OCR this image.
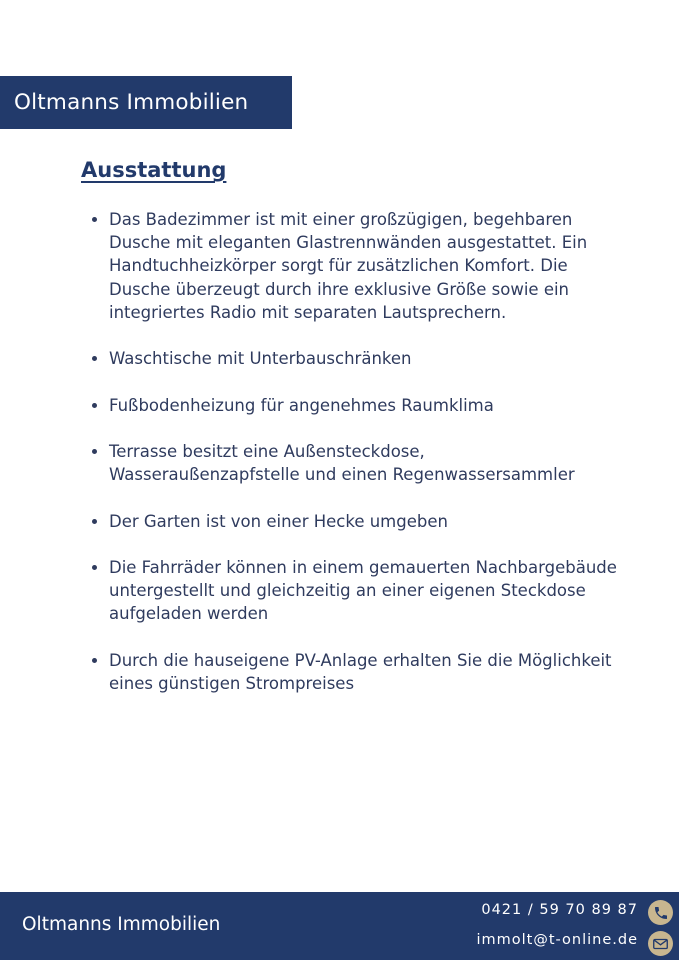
Oltmanns Immobilien
Ausstattung
• Das Badezimmer ist mit einer großzügigen, begehbaren Dusche mit eleganten Glastrennwänden ausgestattet. Ein Handtuchheizkörper sorgt für zusätzlichen Komfort. Die Dusche überzeugt durch ihre exklusive Größe sowie ein integriertes Radio mit separaten Lautsprechern.
• Waschtische mit Unterbauschränken
• Fußbodenheizung für angenehmes Raumklima
• Terrasse besitzt eine Außensteckdose, Wasseraußenzapfstelle und einen Regenwassersammler
• Der Garten ist von einer Hecke umgeben
• Die Fahrräder können in einem gemauerten Nachbargebäude untergestellt und gleichzeitig an einer eigenen Steckdose aufgeladen werden
• Durch die hauseigene PV-Anlage erhalten Sie die Möglichkeit eines günstigen Strompreises
Oltmanns Immobilien
0421 / 59 70 89 87
immolt@t-online.de
